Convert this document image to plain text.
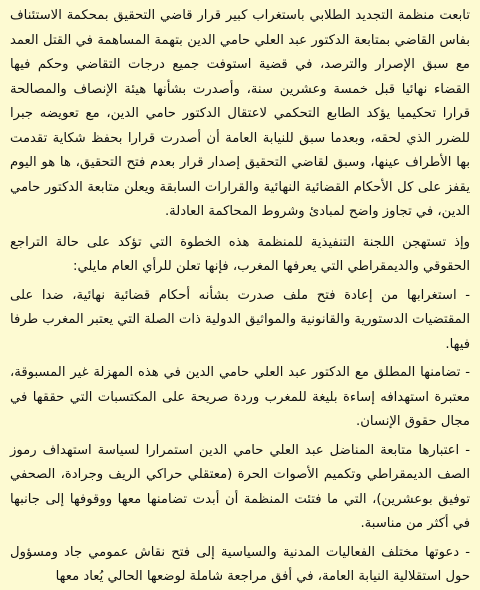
تابعت منظمة التجديد الطلابي باستغراب كبير قرار قاضي التحقيق بمحكمة الاستئناف بفاس القاضي بمتابعة الدكتور عبد العلي حامي الدين بتهمة المساهمة في القتل العمد مع سبق الإصرار والترصد، في قضية استوفت جميع درجات التقاضي وحكم فيها القضاء نهائيا قبل خمسة وعشرين سنة، وأصدرت بشأنها هيئة الإنصاف والمصالحة قرارا تحكيميا يؤكد الطابع التحكمي لاعتقال الدكتور حامي الدين، مع تعويضه جبرا للضرر الذي لحقه، وبعدما سبق للنيابة العامة أن أصدرت قرارا بحفظ شكاية تقدمت بها الأطراف عينها، وسبق لقاضي التحقيق إصدار قرار بعدم فتح التحقيق، ها هو اليوم يقفز على كل الأحكام القضائية النهائية والقرارات السابقة ويعلن متابعة الدكتور حامي الدين، في تجاوز واضح لمبادئ وشروط المحاكمة العادلة.

وإذ تستهجن اللجنة التنفيذية للمنظمة هذه الخطوة التي تؤكد على حالة التراجع الحقوقي والديمقراطي التي يعرفها المغرب، فإنها تعلن للرأي العام مايلي:

- استغرابها من إعادة فتح ملف صدرت بشأنه أحكام قضائية نهائية، ضدا على المقتضيات الدستورية والقانونية والمواثيق الدولية ذات الصلة التي يعتبر المغرب طرفا فيها.

- تضامنها المطلق مع الدكتور عبد العلي حامي الدين في هذه المهزلة غير المسبوقة، معتبرة استهدافه إساءة بليغة للمغرب وردة صريحة على المكتسبات التي حققها في مجال حقوق الإنسان.

- اعتبارها متابعة المناضل عبد العلي حامي الدين استمرارا لسياسة استهداف رموز الصف الديمقراطي وتكميم الأصوات الحرة (معتقلي حراكي الريف وجرادة، الصحفي توفيق بوعشرين)، التي ما فتئت المنظمة أن أبدت تضامنها معها ووقوفها إلى جانبها في أكثر من مناسبة.

- دعوتها مختلف الفعاليات المدنية والسياسية إلى فتح نقاش عمومي جاد ومسؤول حول استقلالية النيابة العامة، في أفق مراجعة شاملة لوضعها الحالي يُعاد معها
